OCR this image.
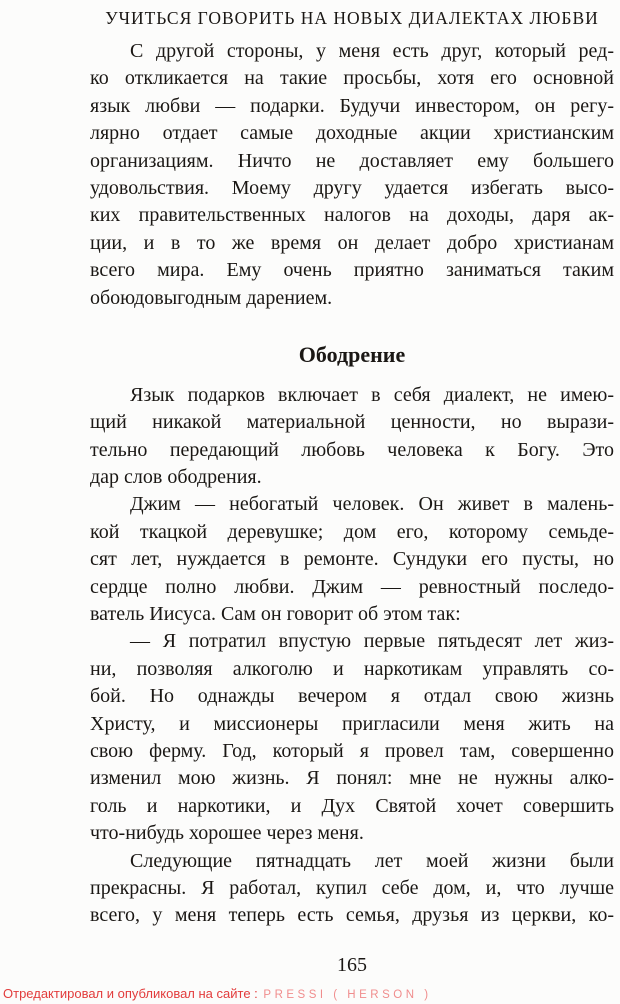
УЧИТЬСЯ ГОВОРИТЬ НА НОВЫХ ДИАЛЕКТАХ ЛЮБВИ
С другой стороны, у меня есть друг, который ред-
ко откликается на такие просьбы, хотя его основной
язык любви — подарки. Будучи инвестором, он регу-
лярно отдает самые доходные акции христианским
организациям. Ничто не доставляет ему большего
удовольствия. Моему другу удается избегать высо-
ких правительственных налогов на доходы, даря ак-
ции, и в то же время он делает добро христианам
всего мира. Ему очень приятно заниматься таким
обоюдовыгодным дарением.
Ободрение
Язык подарков включает в себя диалект, не имею-
щий никакой материальной ценности, но вырази-
тельно передающий любовь человека к Богу. Это
дар слов ободрения.
Джим — небогатый человек. Он живет в малень-
кой ткацкой деревушке; дом его, которому семьде-
сят лет, нуждается в ремонте. Сундуки его пусты, но
сердце полно любви. Джим — ревностный последо-
ватель Иисуса. Сам он говорит об этом так:
— Я потратил впустую первые пятьдесят лет жиз-
ни, позволяя алкоголю и наркотикам управлять со-
бой. Но однажды вечером я отдал свою жизнь
Христу, и миссионеры пригласили меня жить на
свою ферму. Год, который я провел там, совершенно
изменил мою жизнь. Я понял: мне не нужны алко-
голь и наркотики, и Дух Святой хочет совершить
что-нибудь хорошее через меня.
Следующие пятнадцать лет моей жизни были
прекрасны. Я работал, купил себе дом, и, что лучше
всего, у меня теперь есть семья, друзья из церкви, ко-
165
Отредактировал и опубликовал на сайте : PRESSI ( HERSON )
